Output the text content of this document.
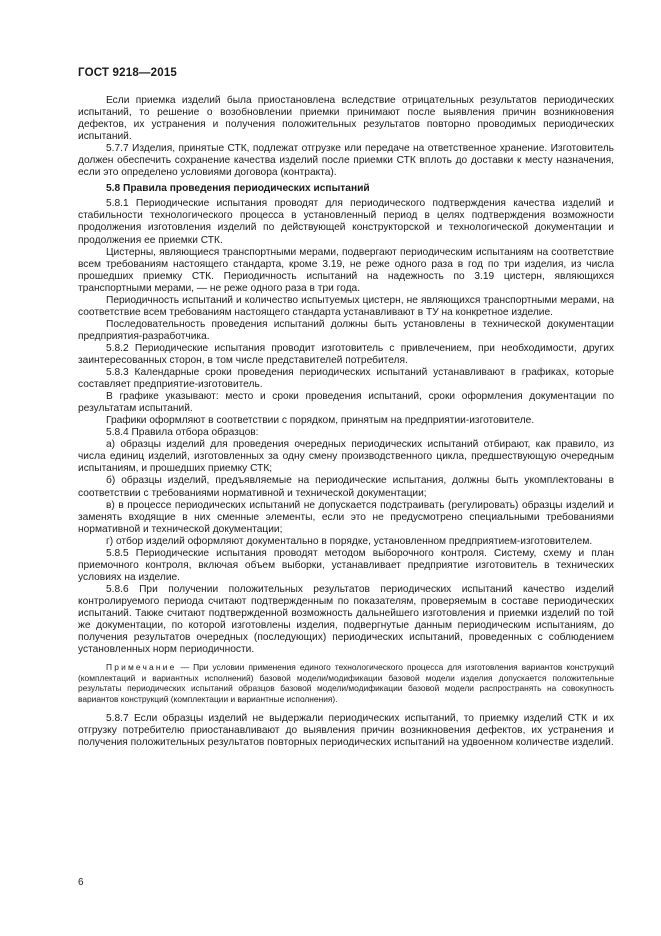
ГОСТ 9218—2015

Если приемка изделий была приостановлена вследствие отрицательных результатов периодических испытаний, то решение о возобновлении приемки принимают после выявления причин возникновения дефектов, их устранения и получения положительных результатов повторно проводимых периодических испытаний.

5.7.7 Изделия, принятые СТК, подлежат отгрузке или передаче на ответственное хранение. Изготовитель должен обеспечить сохранение качества изделий после приемки СТК вплоть до доставки к месту назначения, если это определено условиями договора (контракта).

5.8 Правила проведения периодических испытаний

5.8.1 Периодические испытания проводят для периодического подтверждения качества изделий и стабильности технологического процесса в установленный период в целях подтверждения возможности продолжения изготовления изделий по действующей конструкторской и технологической документации и продолжения ее приемки СТК.

Цистерны, являющиеся транспортными мерами, подвергают периодическим испытаниям на соответствие всем требованиям настоящего стандарта, кроме 3.19, не реже одного раза в год по три изделия, из числа прошедших приемку СТК. Периодичность испытаний на надежность по 3.19 цистерн, являющихся транспортными мерами, — не реже одного раза в три года.

Периодичность испытаний и количество испытуемых цистерн, не являющихся транспортными мерами, на соответствие всем требованиям настоящего стандарта устанавливают в ТУ на конкретное изделие.

Последовательность проведения испытаний должны быть установлены в технической документации предприятия-разработчика.

5.8.2 Периодические испытания проводит изготовитель с привлечением, при необходимости, других заинтересованных сторон, в том числе представителей потребителя.

5.8.3 Календарные сроки проведения периодических испытаний устанавливают в графиках, которые составляет предприятие-изготовитель.

В графике указывают: место и сроки проведения испытаний, сроки оформления документации по результатам испытаний.

Графики оформляют в соответствии с порядком, принятым на предприятии-изготовителе.

5.8.4 Правила отбора образцов:

а) образцы изделий для проведения очередных периодических испытаний отбирают, как правило, из числа единиц изделий, изготовленных за одну смену производственного цикла, предшествующую очередным испытаниям, и прошедших приемку СТК;

б) образцы изделий, предъявляемые на периодические испытания, должны быть укомплектованы в соответствии с требованиями нормативной и технической документации;

в) в процессе периодических испытаний не допускается подстраивать (регулировать) образцы изделий и заменять входящие в них сменные элементы, если это не предусмотрено специальными требованиями нормативной и технической документации;

г) отбор изделий оформляют документально в порядке, установленном предприятием-изготовителем.

5.8.5 Периодические испытания проводят методом выборочного контроля. Систему, схему и план приемочного контроля, включая объем выборки, устанавливает предприятие изготовитель в технических условиях на изделие.

5.8.6 При получении положительных результатов периодических испытаний качество изделий контролируемого периода считают подтвержденным по показателям, проверяемым в составе периодических испытаний. Также считают подтвержденной возможность дальнейшего изготовления и приемки изделий по той же документации, по которой изготовлены изделия, подвергнутые данным периодическим испытаниям, до получения результатов очередных (последующих) периодических испытаний, проведенных с соблюдением установленных норм периодичности.

Примечание — При условии применения единого технологического процесса для изготовления вариантов конструкций (комплектаций и вариантных исполнений) базовой модели/модификации базовой модели изделия допускается положительные результаты периодических испытаний образцов базовой модели/модификации базовой модели распространять на совокупность вариантов конструкций (комплектации и вариантные исполнения).

5.8.7 Если образцы изделий не выдержали периодических испытаний, то приемку изделий СТК и их отгрузку потребителю приостанавливают до выявления причин возникновения дефектов, их устранения и получения положительных результатов повторных периодических испытаний на удвоенном количестве изделий.

6
